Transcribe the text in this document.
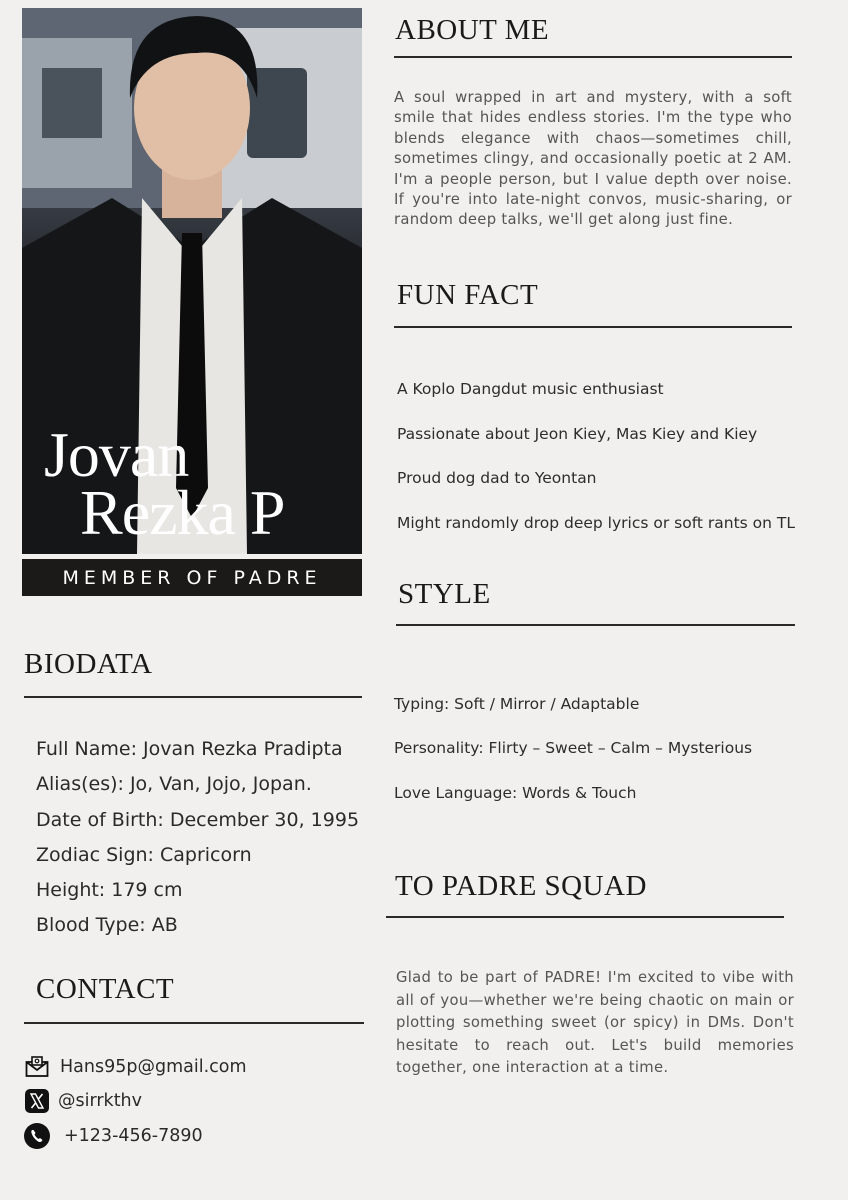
Jovan
Rezka P
MEMBER OF PADRE
ABOUT ME
A soul wrapped in art and mystery, with a soft smile that hides endless stories. I'm the type who blends elegance with chaos—sometimes chill, sometimes clingy, and occasionally poetic at 2 AM. I'm a people person, but I value depth over noise. If you're into late-night convos, music-sharing, or random deep talks, we'll get along just fine.
FUN FACT
A Koplo Dangdut music enthusiast
Passionate about Jeon Kiey, Mas Kiey and Kiey
Proud dog dad to Yeontan
Might randomly drop deep lyrics or soft rants on TL
STYLE
Typing: Soft / Mirror / Adaptable
Personality: Flirty – Sweet – Calm – Mysterious
Love Language: Words & Touch
BIODATA
Full Name: Jovan Rezka Pradipta
Alias(es): Jo, Van, Jojo, Jopan.
Date of Birth: December 30, 1995
Zodiac Sign: Capricorn
Height: 179 cm
Blood Type: AB
TO PADRE SQUAD
Glad to be part of PADRE! I'm excited to vibe with all of you—whether we're being chaotic on main or plotting something sweet (or spicy) in DMs. Don't hesitate to reach out. Let's build memories together, one interaction at a time.
CONTACT
Hans95p@gmail.com
@sirrkthv
+123-456-7890
